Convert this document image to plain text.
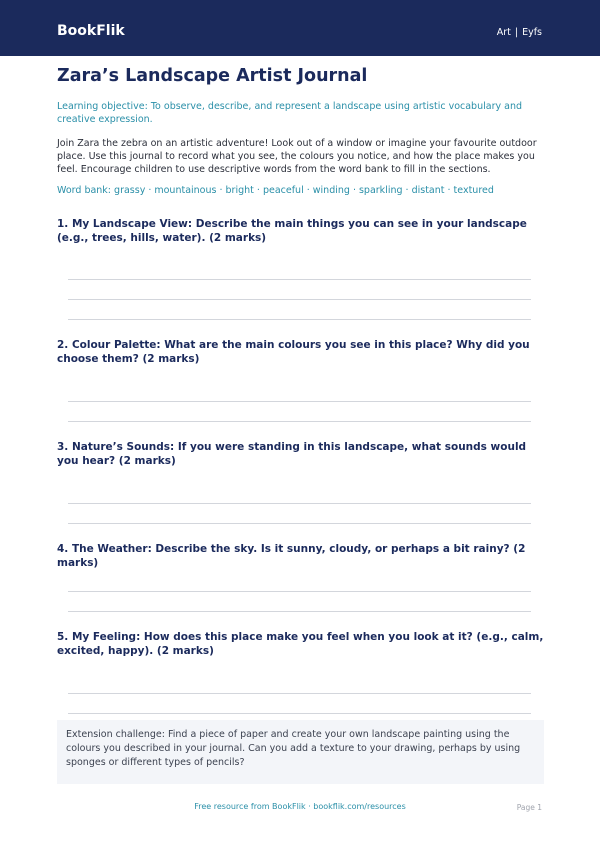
BookFlik	Art | Eyfs
Zara’s Landscape Artist Journal

Learning objective: To observe, describe, and represent a landscape using artistic vocabulary and creative expression.

Join Zara the zebra on an artistic adventure! Look out of a window or imagine your favourite outdoor place. Use this journal to record what you see, the colours you notice, and how the place makes you feel. Encourage children to use descriptive words from the word bank to fill in the sections.

Word bank: grassy · mountainous · bright · peaceful · winding · sparkling · distant · textured

1. My Landscape View: Describe the main things you can see in your landscape (e.g., trees, hills, water). (2 marks)

2. Colour Palette: What are the main colours you see in this place? Why did you choose them? (2 marks)

3. Nature’s Sounds: If you were standing in this landscape, what sounds would you hear? (2 marks)

4. The Weather: Describe the sky. Is it sunny, cloudy, or perhaps a bit rainy? (2 marks)

5. My Feeling: How does this place make you feel when you look at it? (e.g., calm, excited, happy). (2 marks)

Extension challenge: Find a piece of paper and create your own landscape painting using the colours you described in your journal. Can you add a texture to your drawing, perhaps by using sponges or different types of pencils?
Free resource from BookFlik · bookflik.com/resources	Page 1
